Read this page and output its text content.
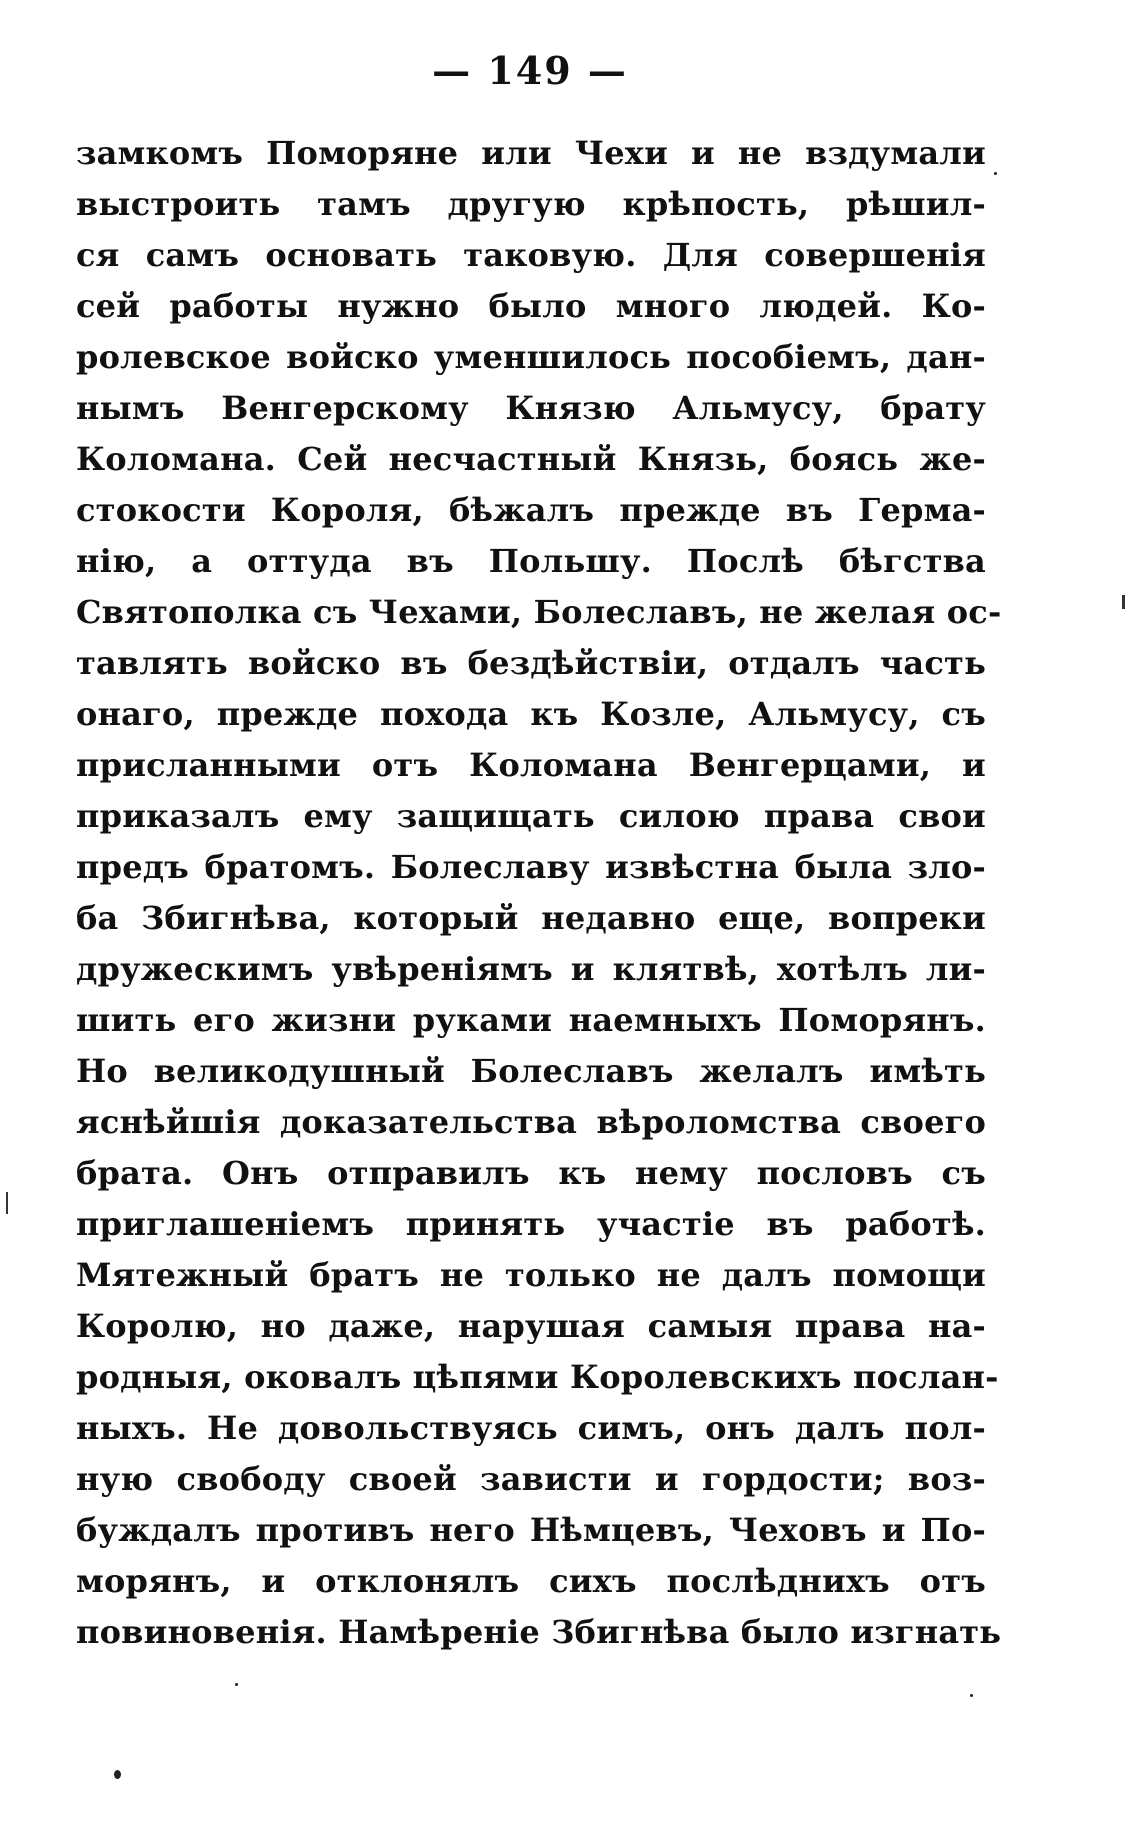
— 149 —
замкомъ Поморяне или Чехи и не вздумали
выстроить тамъ другую крѣпость, рѣшил-
ся самъ основать таковую. Для совершенія
сей работы нужно было много людей. Ко-
ролевское войско уменшилось пособіемъ, дан-
нымъ Венгерскому Князю Альмусу, брату
Коломана. Сей несчастный Князь, боясь же-
стокости Короля, бѣжалъ прежде въ Герма-
нію, а оттуда въ Польшу. Послѣ бѣгства
Святополка съ Чехами, Болеславъ, не желая ос-
тавлять войско въ бездѣйствіи, отдалъ часть
онаго, прежде похода къ Козле, Альмусу, съ
присланными отъ Коломана Венгерцами, и
приказалъ ему защищать силою права свои
предъ братомъ. Болеславу извѣстна была зло-
ба Збигнѣва, который недавно еще, вопреки
дружескимъ увѣреніямъ и клятвѣ, хотѣлъ ли-
шить его жизни руками наемныхъ Поморянъ.
Но великодушный Болеславъ желалъ имѣть
яснѣйшія доказательства вѣроломства своего
брата. Онъ отправилъ къ нему пословъ съ
приглашеніемъ принять участіе въ работѣ.
Мятежный братъ не только не далъ помощи
Королю, но даже, нарушая самыя права на-
родныя, оковалъ цѣпями Королевскихъ послан-
ныхъ. Не довольствуясь симъ, онъ далъ пол-
ную свободу своей зависти и гордости; воз-
буждалъ противъ него Нѣмцевъ, Чеховъ и По-
морянъ, и отклонялъ сихъ послѣднихъ отъ
повиновенія. Намѣреніе Збигнѣва было изгнать
